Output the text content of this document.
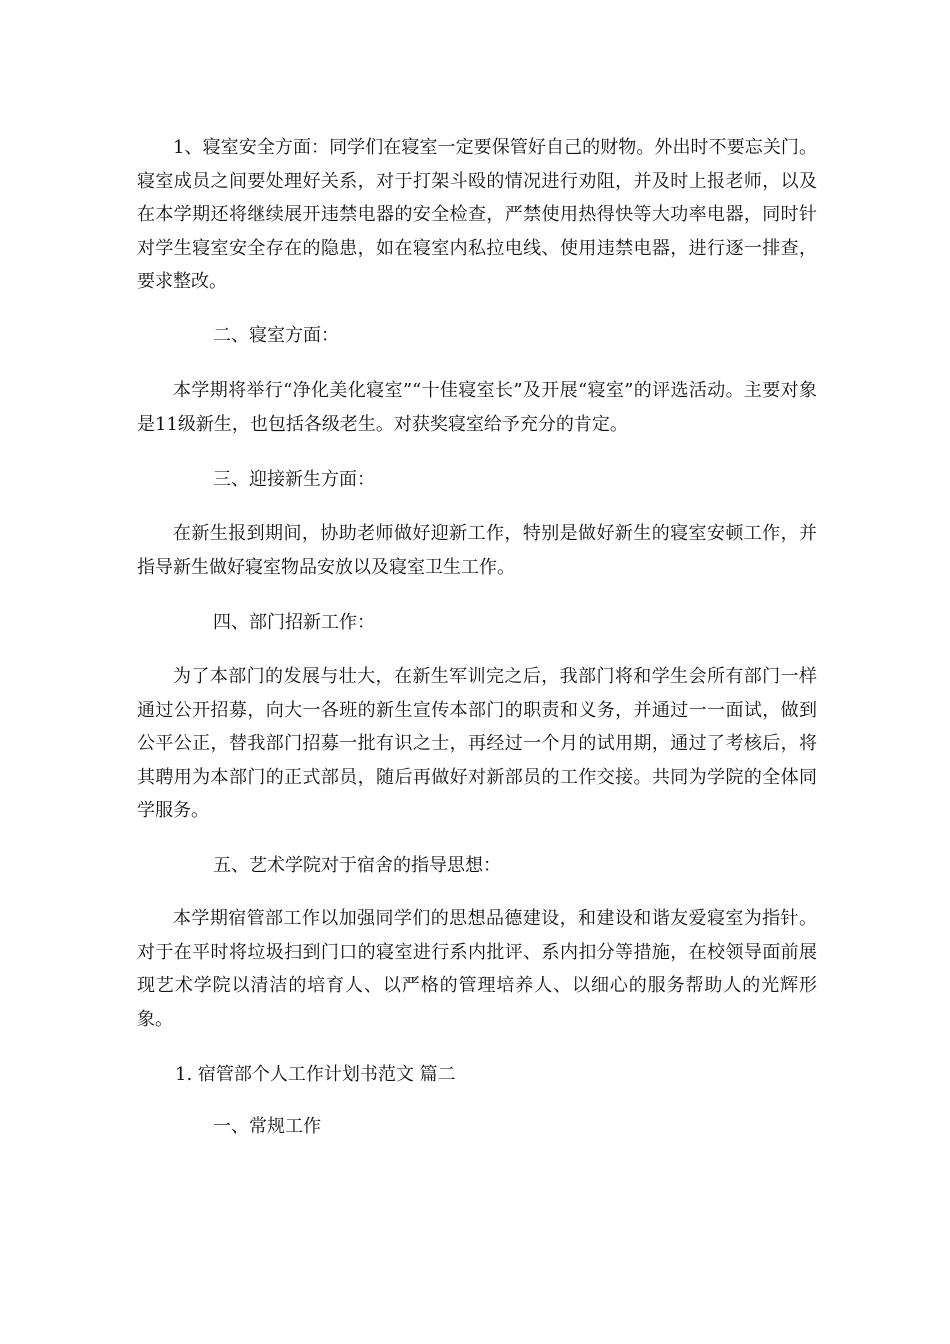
1、寝室安全方面：同学们在寝室一定要保管好自己的财物。外出时不要忘关门。寝室成员之间要处理好关系，对于打架斗殴的情况进行劝阻，并及时上报老师，以及在本学期还将继续展开违禁电器的安全检查，严禁使用热得快等大功率电器，同时针对学生寝室安全存在的隐患，如在寝室内私拉电线、使用违禁电器，进行逐一排查，要求整改。

二、寝室方面：

本学期将举行“净化美化寝室”“十佳寝室长”及开展“寝室”的评选活动。主要对象是11级新生，也包括各级老生。对获奖寝室给予充分的肯定。

三、迎接新生方面：

在新生报到期间，协助老师做好迎新工作，特别是做好新生的寝室安顿工作，并指导新生做好寝室物品安放以及寝室卫生工作。

四、部门招新工作：

为了本部门的发展与壮大，在新生军训完之后，我部门将和学生会所有部门一样通过公开招募，向大一各班的新生宣传本部门的职责和义务，并通过一一面试，做到公平公正，替我部门招募一批有识之士，再经过一个月的试用期，通过了考核后，将其聘用为本部门的正式部员，随后再做好对新部员的工作交接。共同为学院的全体同学服务。

五、艺术学院对于宿舍的指导思想：

本学期宿管部工作以加强同学们的思想品德建设，和建设和谐友爱寝室为指针。对于在平时将垃圾扫到门口的寝室进行系内批评、系内扣分等措施，在校领导面前展现艺术学院以清洁的培育人、以严格的管理培养人、以细心的服务帮助人的光辉形象。

1. 宿管部个人工作计划书范文 篇二

一、常规工作
